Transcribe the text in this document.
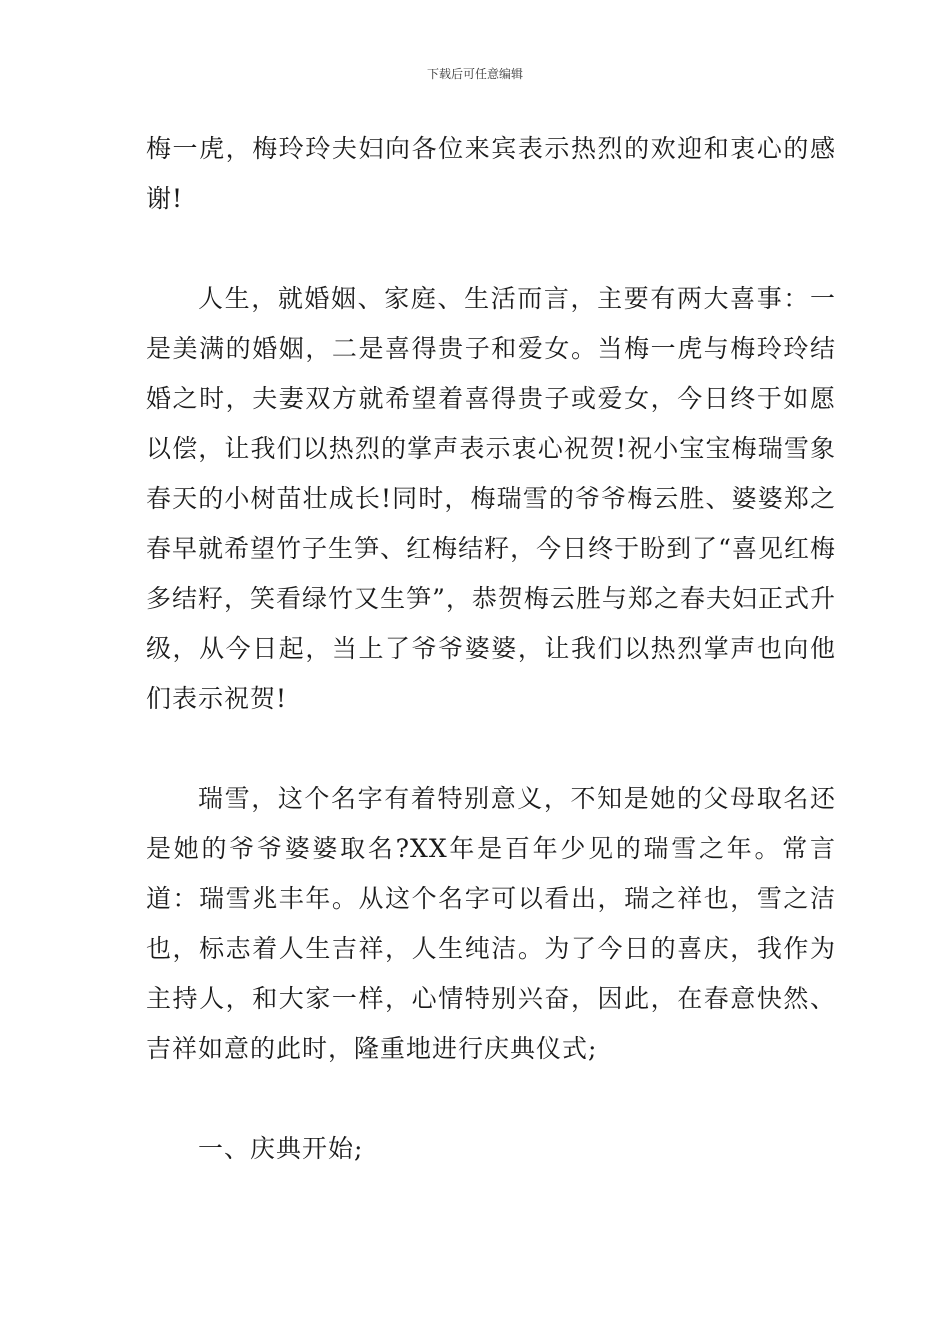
下载后可任意编辑

梅一虎，梅玲玲夫妇向各位来宾表示热烈的欢迎和衷心的感谢!

人生，就婚姻、家庭、生活而言，主要有两大喜事：一是美满的婚姻，二是喜得贵子和爱女。当梅一虎与梅玲玲结婚之时，夫妻双方就希望着喜得贵子或爱女，今日终于如愿以偿，让我们以热烈的掌声表示衷心祝贺!祝小宝宝梅瑞雪象春天的小树苗壮成长!同时，梅瑞雪的爷爷梅云胜、婆婆郑之春早就希望竹子生笋、红梅结籽，今日终于盼到了“喜见红梅多结籽，笑看绿竹又生笋”，恭贺梅云胜与郑之春夫妇正式升级，从今日起，当上了爷爷婆婆，让我们以热烈掌声也向他们表示祝贺!

瑞雪，这个名字有着特别意义，不知是她的父母取名还是她的爷爷婆婆取名?XX年是百年少见的瑞雪之年。常言道：瑞雪兆丰年。从这个名字可以看出，瑞之祥也，雪之洁也，标志着人生吉祥，人生纯洁。为了今日的喜庆，我作为主持人，和大家一样，心情特别兴奋，因此，在春意快然、吉祥如意的此时，隆重地进行庆典仪式;

一、庆典开始;
